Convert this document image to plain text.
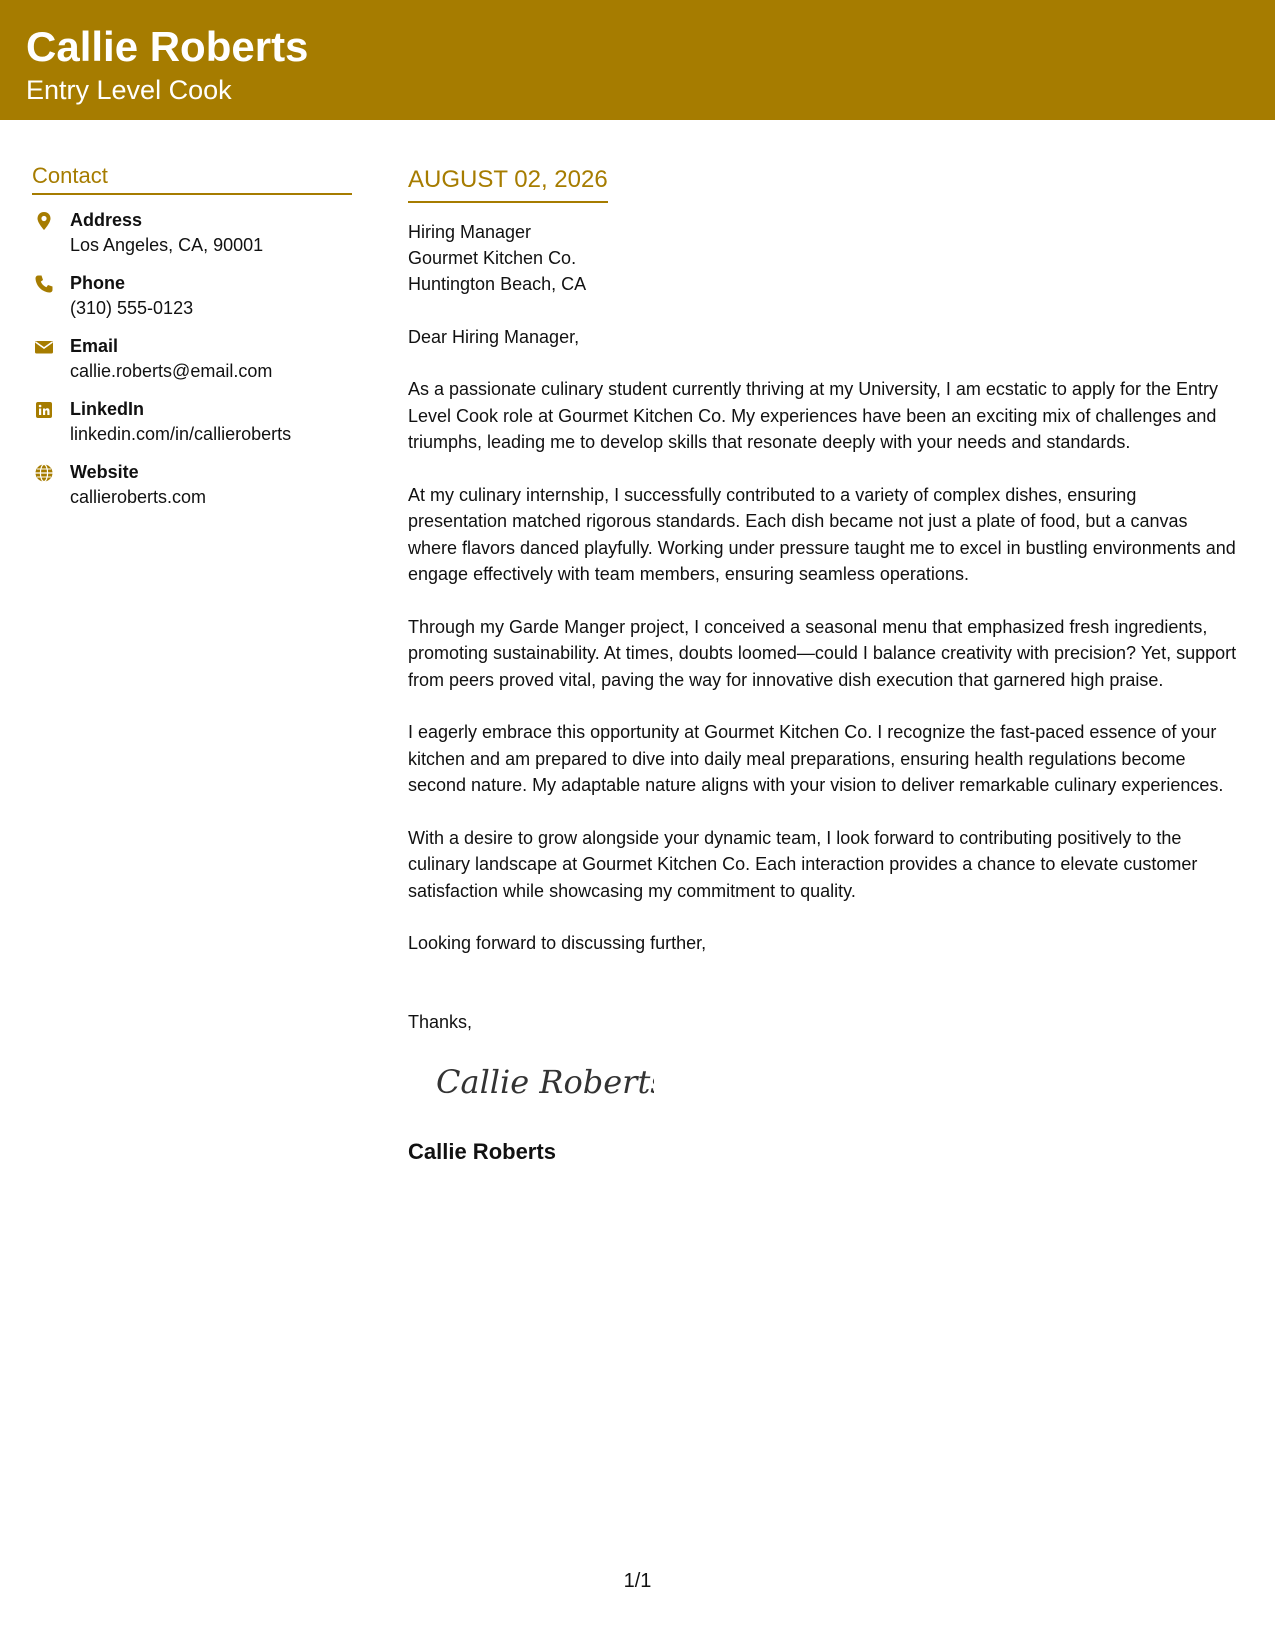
Callie Roberts
Entry Level Cook
Contact
Address
Los Angeles, CA, 90001
Phone
(310) 555-0123
Email
callie.roberts@email.com
LinkedIn
linkedin.com/in/callieroberts
Website
callieroberts.com
AUGUST 02, 2026
Hiring Manager
Gourmet Kitchen Co.
Huntington Beach, CA
Dear Hiring Manager,
As a passionate culinary student currently thriving at my University, I am ecstatic to apply for the Entry Level Cook role at Gourmet Kitchen Co. My experiences have been an exciting mix of challenges and triumphs, leading me to develop skills that resonate deeply with your needs and standards.
At my culinary internship, I successfully contributed to a variety of complex dishes, ensuring presentation matched rigorous standards. Each dish became not just a plate of food, but a canvas where flavors danced playfully. Working under pressure taught me to excel in bustling environments and engage effectively with team members, ensuring seamless operations.
Through my Garde Manger project, I conceived a seasonal menu that emphasized fresh ingredients, promoting sustainability. At times, doubts loomed—could I balance creativity with precision? Yet, support from peers proved vital, paving the way for innovative dish execution that garnered high praise.
I eagerly embrace this opportunity at Gourmet Kitchen Co. I recognize the fast-paced essence of your kitchen and am prepared to dive into daily meal preparations, ensuring health regulations become second nature. My adaptable nature aligns with your vision to deliver remarkable culinary experiences.
With a desire to grow alongside your dynamic team, I look forward to contributing positively to the culinary landscape at Gourmet Kitchen Co. Each interaction provides a chance to elevate customer satisfaction while showcasing my commitment to quality.
Looking forward to discussing further,
Thanks,
Callie Roberts
Callie Roberts
1/1
